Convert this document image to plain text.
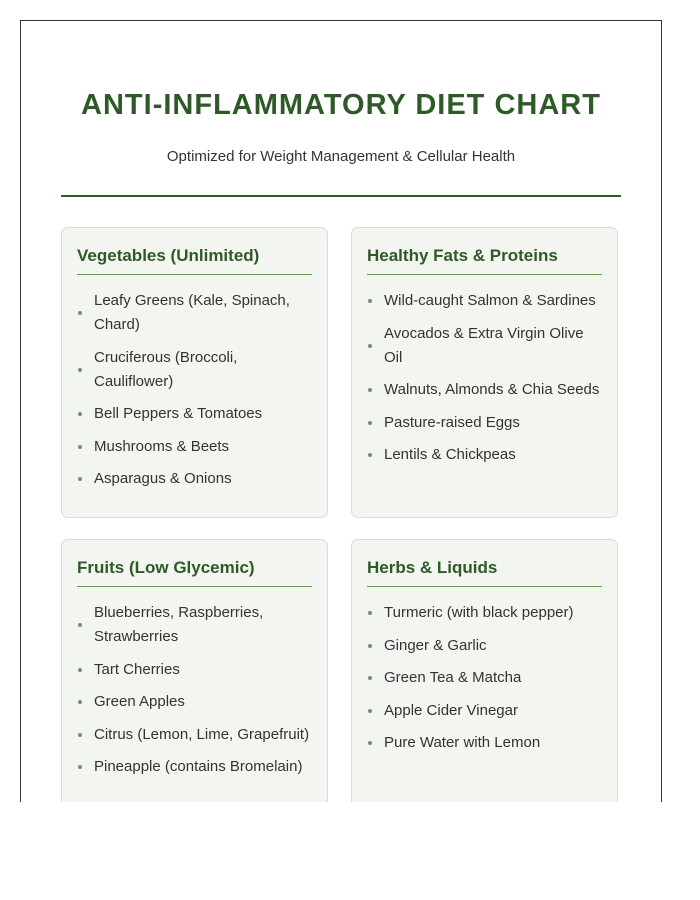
ANTI-INFLAMMATORY DIET CHART

Optimized for Weight Management & Cellular Health

Vegetables (Unlimited)
Leafy Greens (Kale, Spinach, Chard)
Cruciferous (Broccoli, Cauliflower)
Bell Peppers & Tomatoes
Mushrooms & Beets
Asparagus & Onions
Healthy Fats & Proteins
Wild-caught Salmon & Sardines
Avocados & Extra Virgin Olive Oil
Walnuts, Almonds & Chia Seeds
Pasture-raised Eggs
Lentils & Chickpeas
Fruits (Low Glycemic)
Blueberries, Raspberries, Strawberries
Tart Cherries
Green Apples
Citrus (Lemon, Lime, Grapefruit)
Pineapple (contains Bromelain)
Herbs & Liquids
Turmeric (with black pepper)
Ginger & Garlic
Green Tea & Matcha
Apple Cider Vinegar
Pure Water with Lemon
